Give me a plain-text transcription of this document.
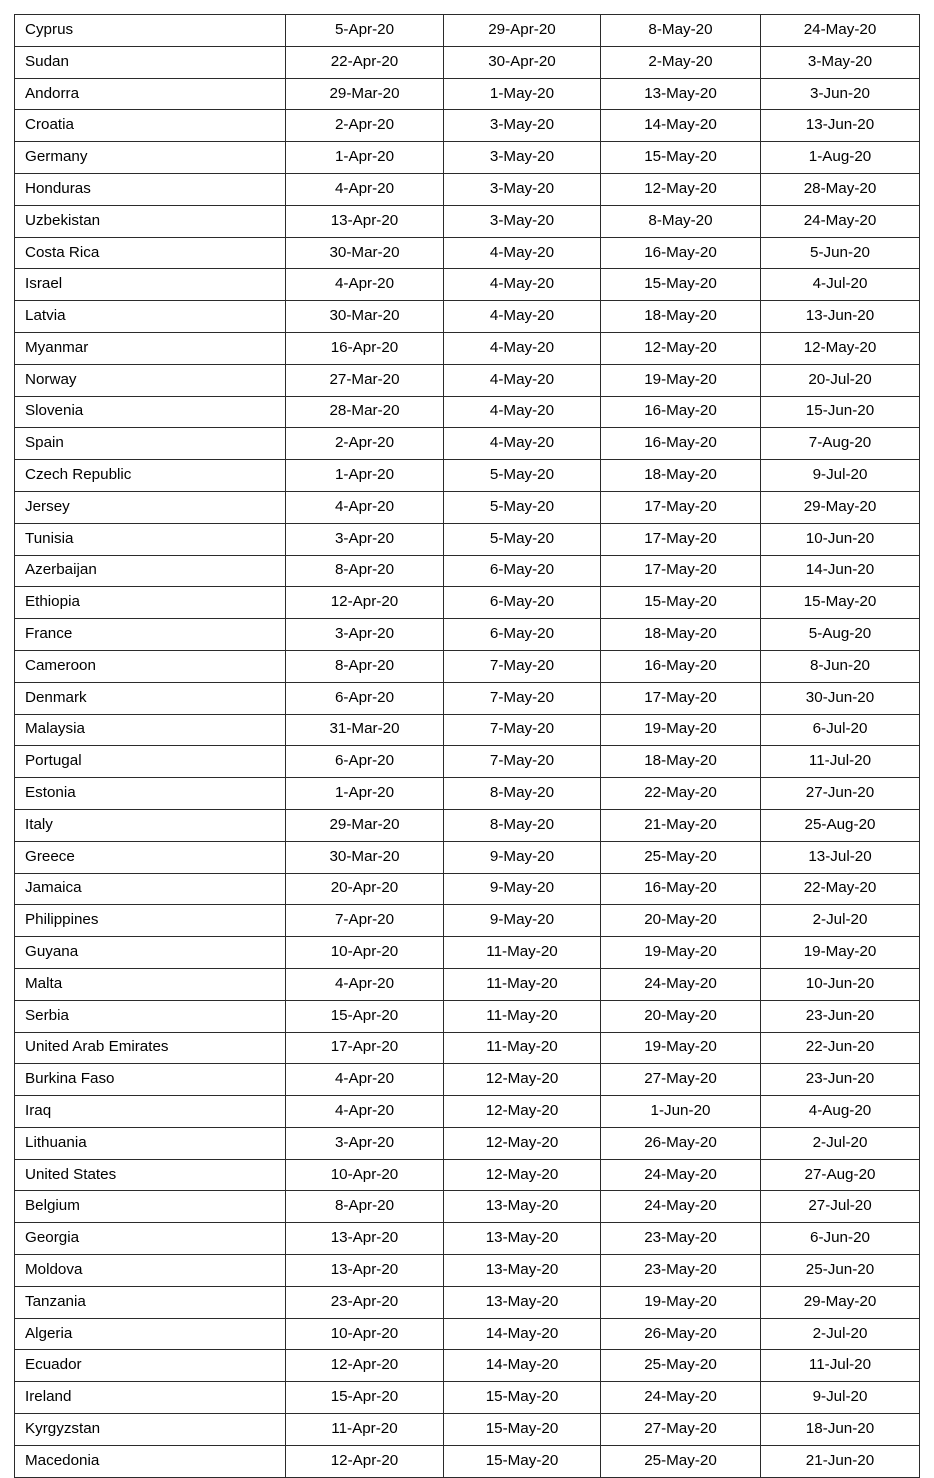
Cyprus	5-Apr-20	29-Apr-20	8-May-20	24-May-20
Sudan	22-Apr-20	30-Apr-20	2-May-20	3-May-20
Andorra	29-Mar-20	1-May-20	13-May-20	3-Jun-20
Croatia	2-Apr-20	3-May-20	14-May-20	13-Jun-20
Germany	1-Apr-20	3-May-20	15-May-20	1-Aug-20
Honduras	4-Apr-20	3-May-20	12-May-20	28-May-20
Uzbekistan	13-Apr-20	3-May-20	8-May-20	24-May-20
Costa Rica	30-Mar-20	4-May-20	16-May-20	5-Jun-20
Israel	4-Apr-20	4-May-20	15-May-20	4-Jul-20
Latvia	30-Mar-20	4-May-20	18-May-20	13-Jun-20
Myanmar	16-Apr-20	4-May-20	12-May-20	12-May-20
Norway	27-Mar-20	4-May-20	19-May-20	20-Jul-20
Slovenia	28-Mar-20	4-May-20	16-May-20	15-Jun-20
Spain	2-Apr-20	4-May-20	16-May-20	7-Aug-20
Czech Republic	1-Apr-20	5-May-20	18-May-20	9-Jul-20
Jersey	4-Apr-20	5-May-20	17-May-20	29-May-20
Tunisia	3-Apr-20	5-May-20	17-May-20	10-Jun-20
Azerbaijan	8-Apr-20	6-May-20	17-May-20	14-Jun-20
Ethiopia	12-Apr-20	6-May-20	15-May-20	15-May-20
France	3-Apr-20	6-May-20	18-May-20	5-Aug-20
Cameroon	8-Apr-20	7-May-20	16-May-20	8-Jun-20
Denmark	6-Apr-20	7-May-20	17-May-20	30-Jun-20
Malaysia	31-Mar-20	7-May-20	19-May-20	6-Jul-20
Portugal	6-Apr-20	7-May-20	18-May-20	11-Jul-20
Estonia	1-Apr-20	8-May-20	22-May-20	27-Jun-20
Italy	29-Mar-20	8-May-20	21-May-20	25-Aug-20
Greece	30-Mar-20	9-May-20	25-May-20	13-Jul-20
Jamaica	20-Apr-20	9-May-20	16-May-20	22-May-20
Philippines	7-Apr-20	9-May-20	20-May-20	2-Jul-20
Guyana	10-Apr-20	11-May-20	19-May-20	19-May-20
Malta	4-Apr-20	11-May-20	24-May-20	10-Jun-20
Serbia	15-Apr-20	11-May-20	20-May-20	23-Jun-20
United Arab Emirates	17-Apr-20	11-May-20	19-May-20	22-Jun-20
Burkina Faso	4-Apr-20	12-May-20	27-May-20	23-Jun-20
Iraq	4-Apr-20	12-May-20	1-Jun-20	4-Aug-20
Lithuania	3-Apr-20	12-May-20	26-May-20	2-Jul-20
United States	10-Apr-20	12-May-20	24-May-20	27-Aug-20
Belgium	8-Apr-20	13-May-20	24-May-20	27-Jul-20
Georgia	13-Apr-20	13-May-20	23-May-20	6-Jun-20
Moldova	13-Apr-20	13-May-20	23-May-20	25-Jun-20
Tanzania	23-Apr-20	13-May-20	19-May-20	29-May-20
Algeria	10-Apr-20	14-May-20	26-May-20	2-Jul-20
Ecuador	12-Apr-20	14-May-20	25-May-20	11-Jul-20
Ireland	15-Apr-20	15-May-20	24-May-20	9-Jul-20
Kyrgyzstan	11-Apr-20	15-May-20	27-May-20	18-Jun-20
Macedonia	12-Apr-20	15-May-20	25-May-20	21-Jun-20
